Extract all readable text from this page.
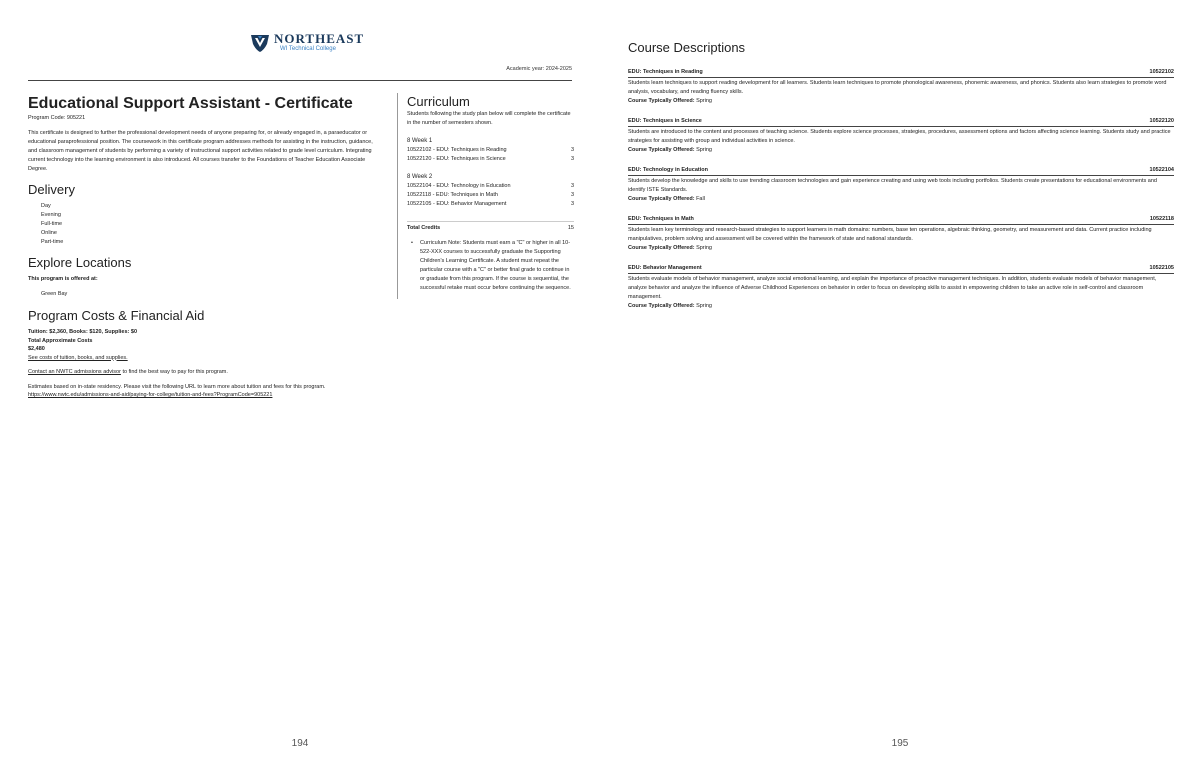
NORTHEAST
WI Technical College
Academic year: 2024-2025
Educational Support Assistant - Certificate
Program Code: 905221

This certificate is designed to further the professional development needs of anyone preparing for, or already engaged in, a paraeducator or educational paraprofessional position. The coursework in this certificate program addresses methods for assisting in the instruction, guidance, and classroom management of students by performing a variety of instructional support activities related to grade level curriculum. Integrating current technology into the learning environment is also introduced. All courses transfer to the Foundations of Teacher Education Associate Degree.

Delivery
Day
Evening
Full-time
Online
Part-time
Explore Locations
This program is offered at:
Green Bay
Program Costs & Financial Aid
Tuition: $2,360, Books: $120, Supplies: $0
Total Approximate Costs
$2,480
See costs of tuition, books, and supplies.
Contact an NWTC admissions advisor to find the best way to pay for this program.
Estimates based on in-state residency. Please visit the following URL to learn more about tuition and fees for this program.
https://www.nwtc.edu/admissions-and-aid/paying-for-college/tuition-and-fees?ProgramCode=905221
Curriculum

Students following the study plan below will complete the certificate in the number of semesters shown.

8 Week 1
10522102 - EDU: Techniques in Reading	3
10522120 - EDU: Techniques in Science	3
8 Week 2
10522104 - EDU: Technology in Education	3
10522118 - EDU: Techniques in Math	3
10522105 - EDU: Behavior Management	3
Total Credits	15
• Curriculum Note: Students must earn a "C" or higher in all 10-522-XXX courses to successfully graduate the Supporting Children's Learning Certificate. A student must repeat the particular course with a "C" or better final grade to continue in or graduate from this program. If the course is sequential, the successful retake must occur before continuing the sequence.
194
Course Descriptions
EDU: Techniques in Reading	10522102

Students learn techniques to support reading development for all learners. Students learn techniques to promote phonological awareness, phonemic awareness, and phonics. Students also learn strategies to promote word analysis, vocabulary, and reading fluency skills.

Course Typically Offered: Spring
EDU: Techniques in Science	10522120

Students are introduced to the content and processes of teaching science. Students explore science processes, strategies, procedures, assessment options and factors affecting science learning. Students study and practice strategies for assisting with group and individual activities in science.

Course Typically Offered: Spring
EDU: Technology in Education	10522104

Students develop the knowledge and skills to use trending classroom technologies and gain experience creating and using web tools including portfolios. Students create presentations for educational environments and identify ISTE Standards.

Course Typically Offered: Fall
EDU: Techniques in Math	10522118

Students learn key terminology and research-based strategies to support learners in math domains: numbers, base ten operations, algebraic thinking, geometry, and measurement and data. Current practice including manipulatives, problem solving and assessment will be covered within the framework of state and national standards.

Course Typically Offered: Spring
EDU: Behavior Management	10522105

Students evaluate models of behavior management, analyze social emotional learning, and explain the importance of proactive management techniques. In addition, students evaluate models of behavior management, analyze behavior and analyze the influence of Adverse Childhood Experiences on behavior in order to focus on developing skills to assist in empowering children to take an active role in self-control and classroom management.

Course Typically Offered: Spring
195
